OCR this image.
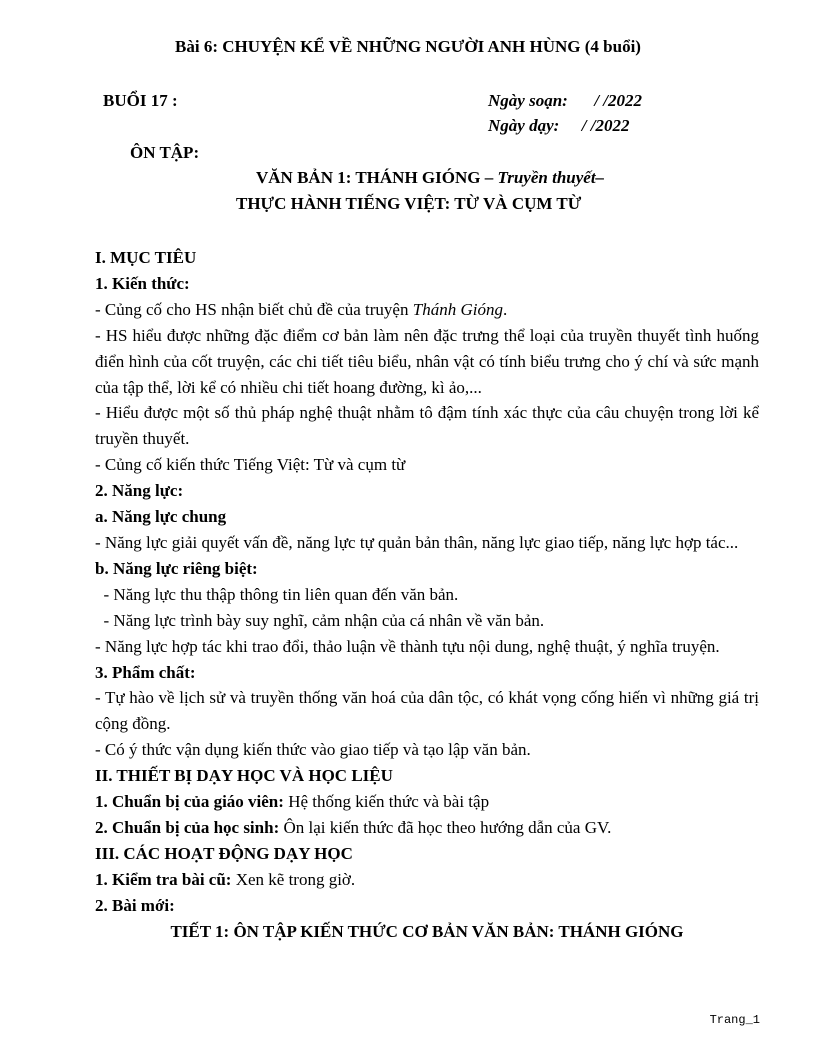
Bài 6: CHUYỆN KỂ VỀ NHỮNG NGƯỜI ANH HÙNG (4 buổi)
BUỔI 17 :	Ngày soạn: / /2022
Ngày dạy: / /2022
ÔN TẬP:
VĂN BẢN 1: THÁNH GIÓNG – Truyền thuyết–
THỰC HÀNH TIẾNG VIỆT: TỪ VÀ CỤM TỪ
I. MỤC TIÊU
1. Kiến thức:
- Củng cố cho HS nhận biết chủ đề của truyện Thánh Gióng.
- HS hiểu được những đặc điểm cơ bản làm nên đặc trưng thể loại của truyền thuyết tình huống điển hình của cốt truyện, các chi tiết tiêu biểu, nhân vật có tính biểu trưng cho ý chí và sức mạnh của tập thể, lời kể có nhiều chi tiết hoang đường, kì ảo,...
- Hiểu được một số thủ pháp nghệ thuật nhằm tô đậm tính xác thực của câu chuyện trong lời kể truyền thuyết.
- Củng cố kiến thức Tiếng Việt: Từ và cụm từ
2. Năng lực:
a. Năng lực chung
- Năng lực giải quyết vấn đề, năng lực tự quản bản thân, năng lực giao tiếp, năng lực hợp tác...
b. Năng lực riêng biệt:
- Năng lực thu thập thông tin liên quan đến văn bản.
- Năng lực trình bày suy nghĩ, cảm nhận của cá nhân về văn bản.
- Năng lực hợp tác khi trao đổi, thảo luận về thành tựu nội dung, nghệ thuật, ý nghĩa truyện.
3. Phẩm chất:
- Tự hào về lịch sử và truyền thống văn hoá của dân tộc, có khát vọng cống hiến vì những giá trị cộng đồng.
- Có ý thức vận dụng kiến thức vào giao tiếp và tạo lập văn bản.
II. THIẾT BỊ DẠY HỌC VÀ HỌC LIỆU
1. Chuẩn bị của giáo viên: Hệ thống kiến thức và bài tập
2. Chuẩn bị của học sinh: Ôn lại kiến thức đã học theo hướng dẫn của GV.
III. CÁC HOẠT ĐỘNG DẠY HỌC
1. Kiểm tra bài cũ: Xen kẽ trong giờ.
2. Bài mới:
TIẾT 1: ÔN TẬP KIẾN THỨC CƠ BẢN VĂN BẢN: THÁNH GIÓNG
Trang_1
